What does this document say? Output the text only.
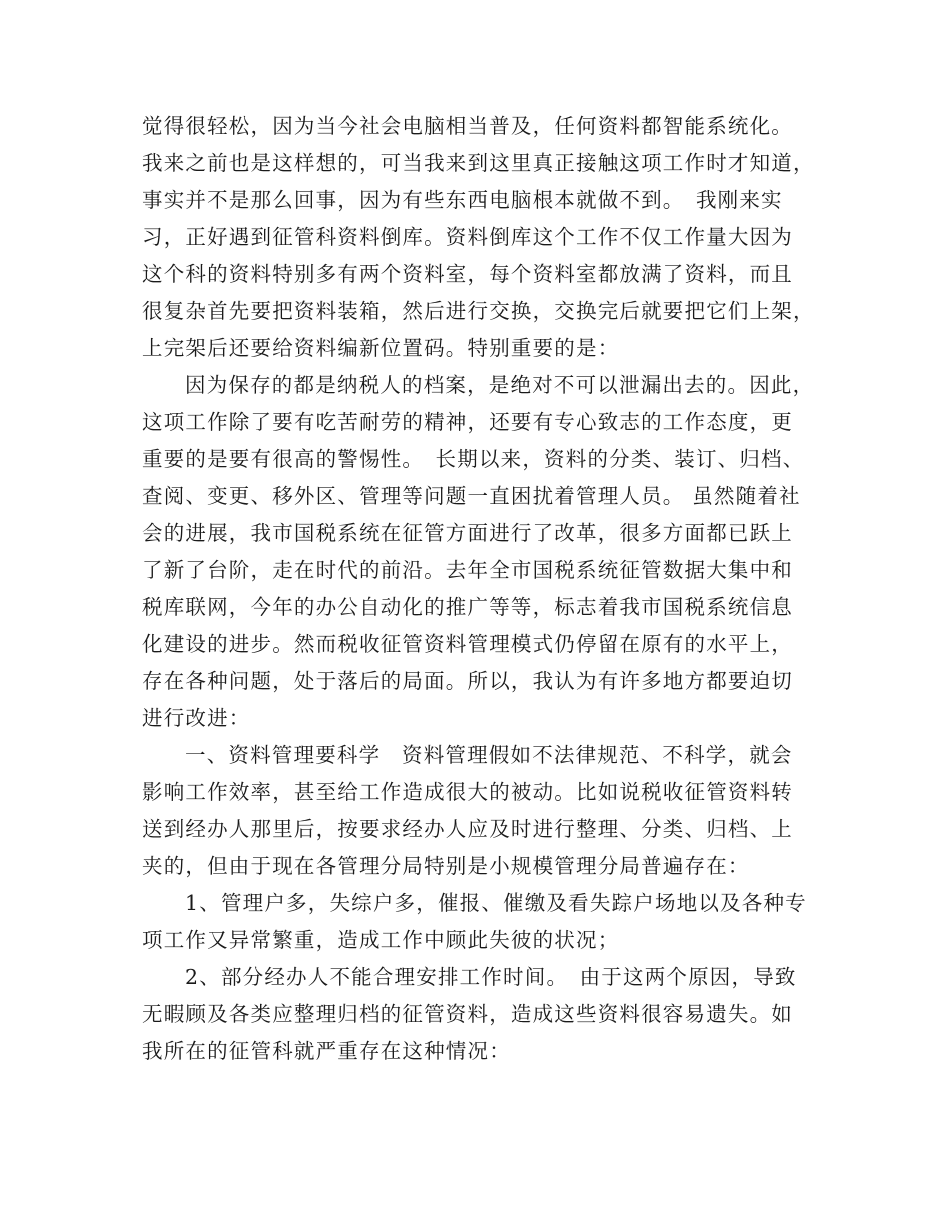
觉得很轻松，因为当今社会电脑相当普及，任何资料都智能系统化。
我来之前也是这样想的，可当我来到这里真正接触这项工作时才知道，
事实并不是那么回事，因为有些东西电脑根本就做不到。　我刚来实
习，正好遇到征管科资料倒库。资料倒库这个工作不仅工作量大因为
这个科的资料特别多有两个资料室，每个资料室都放满了资料，而且
很复杂首先要把资料装箱，然后进行交换，交换完后就要把它们上架，
上完架后还要给资料编新位置码。特别重要的是：
因为保存的都是纳税人的档案，是绝对不可以泄漏出去的。因此，
这项工作除了要有吃苦耐劳的精神，还要有专心致志的工作态度，更
重要的是要有很高的警惕性。　长期以来，资料的分类、装订、归档、
查阅、变更、移外区、管理等问题一直困扰着管理人员。 虽然随着社
会的进展，我市国税系统在征管方面进行了改革，很多方面都已跃上
了新了台阶，走在时代的前沿。去年全市国税系统征管数据大集中和
税库联网，今年的办公自动化的推广等等，标志着我市国税系统信息
化建设的进步。然而税收征管资料管理模式仍停留在原有的水平上，
存在各种问题，处于落后的局面。所以，我认为有许多地方都要迫切
进行改进：
一、资料管理要科学　资料管理假如不法律规范、不科学，就会
影响工作效率，甚至给工作造成很大的被动。比如说税收征管资料转
送到经办人那里后，按要求经办人应及时进行整理、分类、归档、上
夹的，但由于现在各管理分局特别是小规模管理分局普遍存在：
1、管理户多，失综户多，催报、催缴及看失踪户场地以及各种专
项工作又异常繁重，造成工作中顾此失彼的状况；
2、部分经办人不能合理安排工作时间。　由于这两个原因，导致
无暇顾及各类应整理归档的征管资料，造成这些资料很容易遗失。如
我所在的征管科就严重存在这种情况：
